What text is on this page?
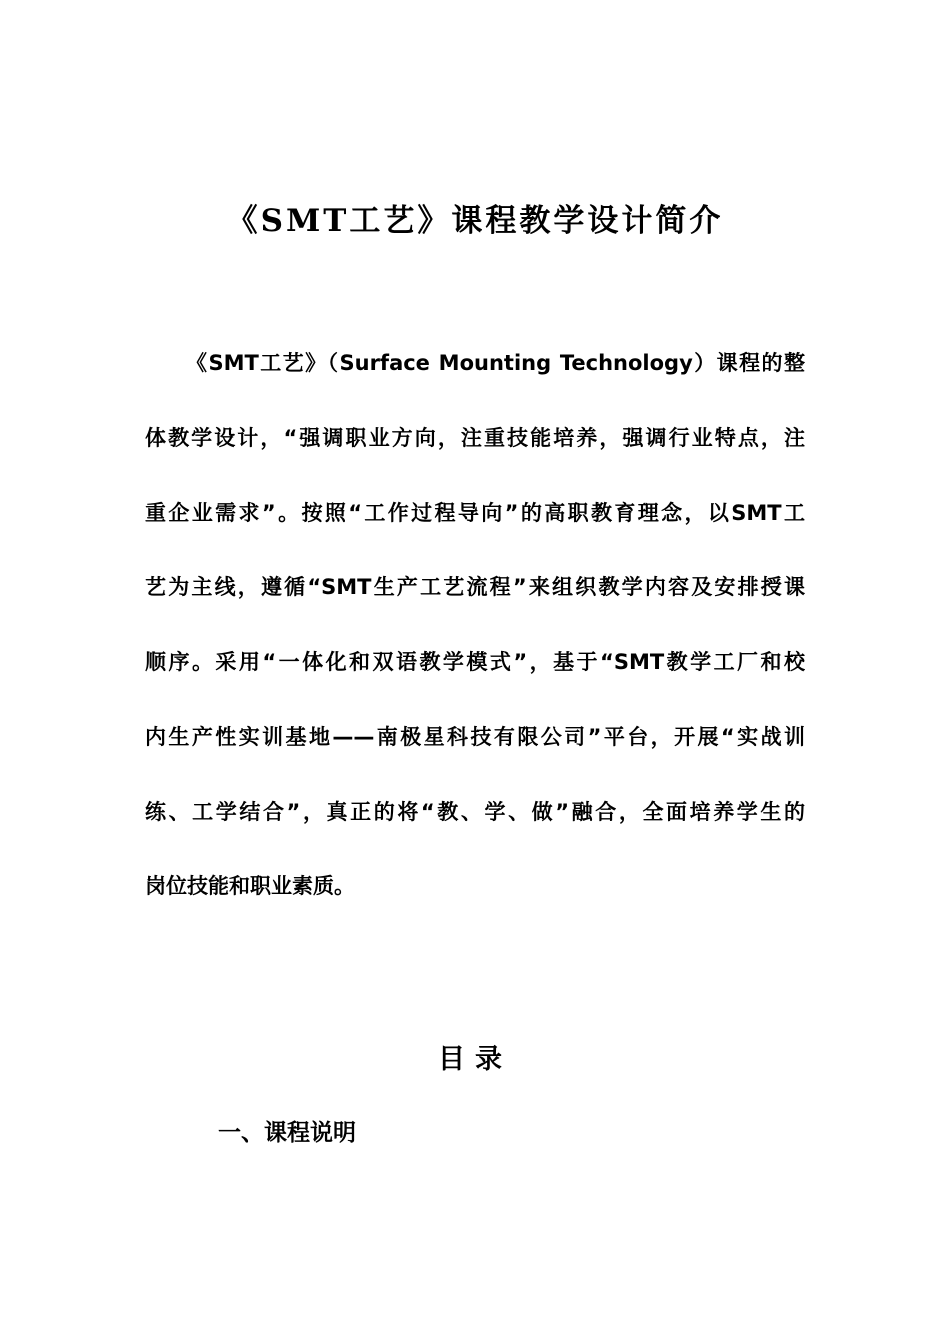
《SMT工艺》课程教学设计简介
《SMT工艺》（Surface Mounting Technology）课程的整
体教学设计，“强调职业方向，注重技能培养，强调行业特点，注
重企业需求”。按照“工作过程导向”的高职教育理念，以SMT工
艺为主线，遵循“SMT生产工艺流程”来组织教学内容及安排授课
顺序。采用“一体化和双语教学模式”，基于“SMT教学工厂和校
内生产性实训基地——南极星科技有限公司”平台，开展“实战训
练、工学结合”，真正的将“教、学、做”融合，全面培养学生的
岗位技能和职业素质。
目录
一、课程说明
